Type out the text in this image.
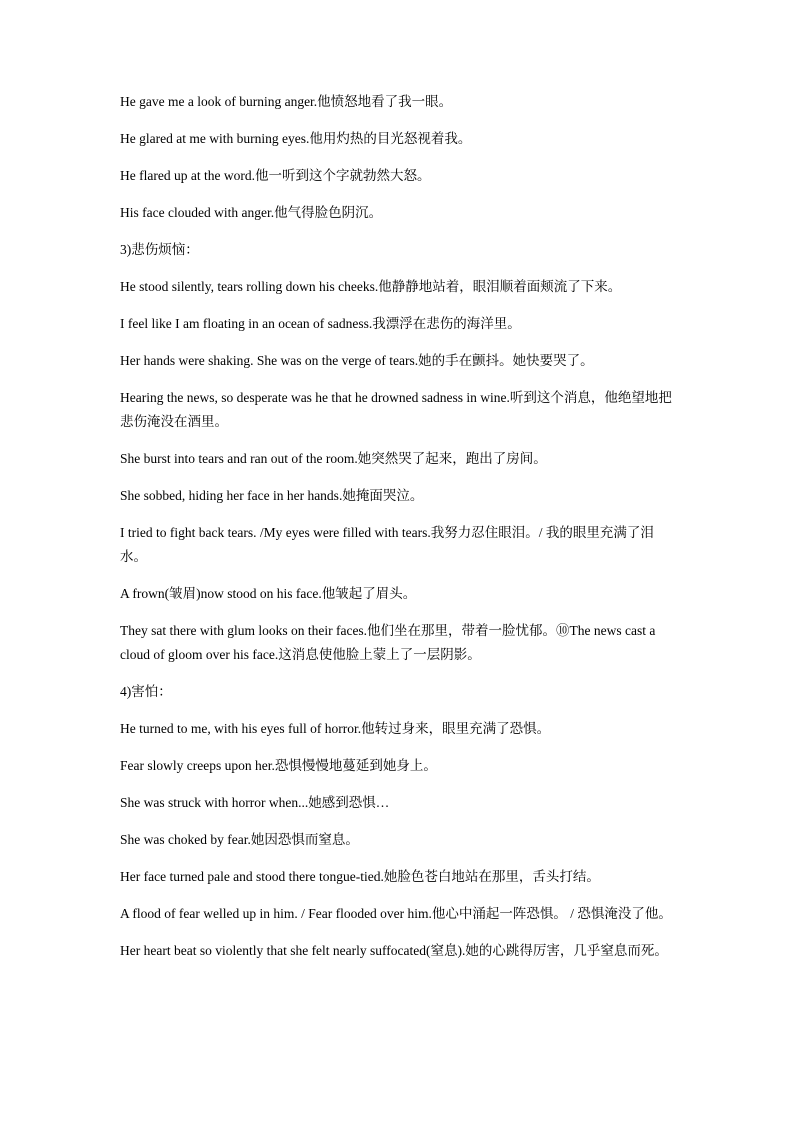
He gave me a look of burning anger.他愤怒地看了我一眼。

He glared at me with burning eyes.他用灼热的目光怒视着我。

He flared up at the word.他一听到这个字就勃然大怒。

His face clouded with anger.他气得脸色阴沉。

3)悲伤烦恼：

He stood silently, tears rolling down his cheeks.他静静地站着，眼泪顺着面颊流了下来。

I feel like I am floating in an ocean of sadness.我漂浮在悲伤的海洋里。

Her hands were shaking. She was on the verge of tears.她的手在颤抖。她快要哭了。

Hearing the news, so desperate was he that he drowned sadness in wine.听到这个消息，他绝望地把悲伤淹没在酒里。

She burst into tears and ran out of the room.她突然哭了起来，跑出了房间。

She sobbed, hiding her face in her hands.她掩面哭泣。

I tried to fight back tears. /My eyes were filled with tears.我努力忍住眼泪。/ 我的眼里充满了泪水。

A frown(皱眉)now stood on his face.他皱起了眉头。

They sat there with glum looks on their faces.他们坐在那里，带着一脸忧郁。⑩The news cast a cloud of gloom over his face.这消息使他脸上蒙上了一层阴影。

4)害怕：

He turned to me, with his eyes full of horror.他转过身来，眼里充满了恐惧。

Fear slowly creeps upon her.恐惧慢慢地蔓延到她身上。

She was struck with horror when...她感到恐惧…

She was choked by fear.她因恐惧而窒息。

Her face turned pale and stood there tongue-tied.她脸色苍白地站在那里，舌头打结。

A flood of fear welled up in him. / Fear flooded over him.他心中涌起一阵恐惧。 / 恐惧淹没了他。

Her heart beat so violently that she felt nearly suffocated(窒息).她的心跳得厉害，几乎窒息而死。
